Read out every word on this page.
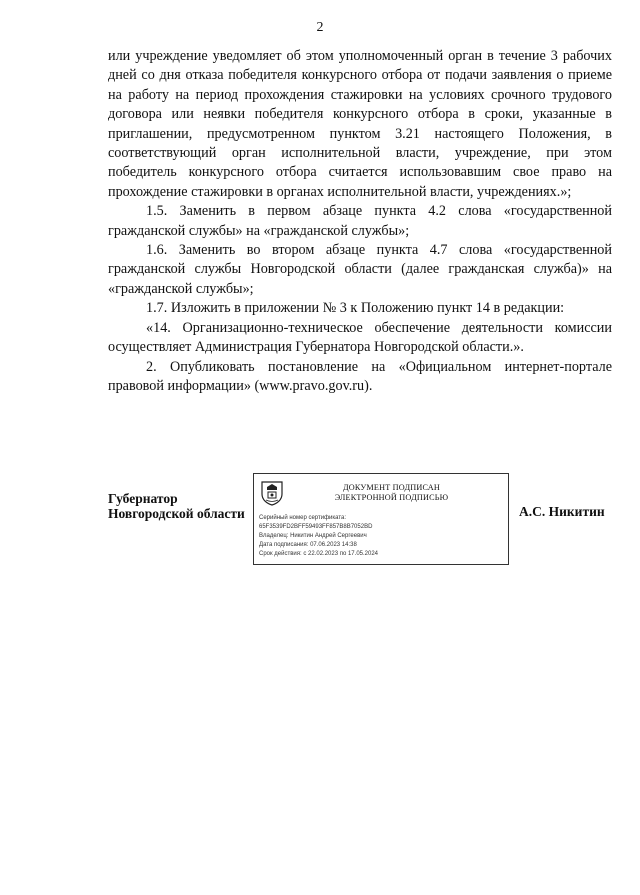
2

или учреждение уведомляет об этом уполномоченный орган в течение 3 рабочих дней со дня отказа победителя конкурсного отбора от подачи заявления о приеме на работу на период прохождения стажировки на условиях срочного трудового договора или неявки победителя конкурсного отбора в сроки, указанные в приглашении, предусмотренном пунктом 3.21 настоящего Положения, в соответствующий орган исполнительной власти, учреждение, при этом победитель конкурсного отбора считается использовавшим свое право на прохождение стажировки в органах исполнительной власти, учреждениях.»;

1.5. Заменить в первом абзаце пункта 4.2 слова «государственной гражданской службы» на «гражданской службы»;

1.6. Заменить во втором абзаце пункта 4.7 слова «государственной гражданской службы Новгородской области (далее гражданская служба)» на «гражданской службы»;

1.7. Изложить в приложении № 3 к Положению пункт 14 в редакции:

«14. Организационно-техническое обеспечение деятельности комиссии осуществляет Администрация Губернатора Новгородской области.».

2. Опубликовать постановление на «Официальном интернет-портале правовой информации» (www.pravo.gov.ru).

Губернатор
Новгородской области
ДОКУМЕНТ ПОДПИСАН
ЭЛЕКТРОННОЙ ПОДПИСЬЮ
Серийный номер сертификата:
65F3539FD2BFF59493FF857B8B7052BD
Владелец: Никитин Андрей Сергеевич
Дата подписания: 07.06.2023 14:38
Срок действия: с 22.02.2023 по 17.05.2024
А.С. Никитин
